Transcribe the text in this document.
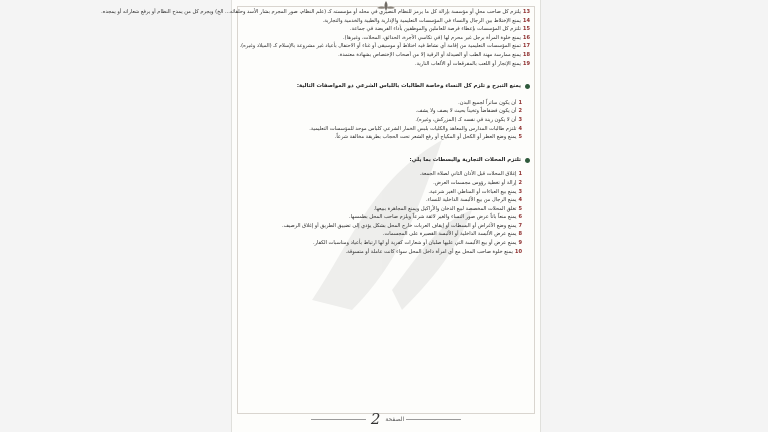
13
يلتزم كل صاحب محلٍ أو مؤسسة بإزالة كل ما يرمز للنظام النصيري في محله أو مؤسسته كـ (علم النظام، صور المجرم بشار الأسد وحلفائه... الخ) ويجرم كل من يمدح النظام أو يرفع شعاراته أو يمجده.
14
يمنع الإختلاط بين الرجال والنساء في المؤسسات التعليمية والإدارية والطبية والخدمية والتجارية.
15
تلتزم كل المؤسسات بإعطاء فرصة للعاملين والموظفين بأداء الفريضة في جماعة.
16
يمنع خلوة المرأة برجل غير محرم لها (في تكاسي الأجرة، الحدائق، المحلات، وغيرها).
17
تمنع المؤسسات التعليمية من إقامة أي نشاط فيه اختلاط أو موسيقى أو غناء أو الاحتفال بأعياد غير مشروعة بالإسلام كـ (الميلاد وغيره).
18
يمنع ممارسة مهنة الطب أو الصيدلة أو الرقية إلا من أصحاب الإختصاص بشهادة معتمدة.
19
يمنع الإتجار أو اللعب بالمفرقعات أو الألعاب النارية.
يمنع التبرج و تلزم كل النساء وخاصة الطالبات باللباس الشرعي ذو المواصفات التالية:
1
أن يكون ساتراً لجميع البدن.
2
أن يكون فضفاضاً وثخيناً بحيث لا يصف ولا يشف.
3
أن لا يكون زينة في نفسه كـ (المزركش، وغيره).
4
تلتزم طالبات المدارس والمعاهد والكليات بلبس الخمار الشرعي كلباس موحد للمؤسسات التعليمية.
5
يمنع وضع العطر أو الكحل أو المكياج أو رفع الشعر تحت الحجاب بطريقة مخالفة شرعاً.
تلتزم المحلات التجارية والبسطات بما يلي:
1
إغلاق المحلات قبل الأذان الثاني لصلاة الجمعة.
2
إزالة أو تغطية رؤوس مجسمات العرض.
3
يمنع بيع العباءات أو المناطي الغير شرعية.
4
يمنع الرجال من بيع الألبسة الداخلية للنساء.
5
تغلق المحلات المخصصة لبيع الدخان والأراكيل ويمنع المجاهرة ببيعها.
6
يمنع منعاً باتاً عرض صور النساء والغير لائقة شرعاً ويلزم صاحب المحل بطمسها.
7
يمنع وضع الأغراض أو البسطات أو إيقاف العربات خارج المحل بشكل يؤدي إلى تضييق الطريق أو إغلاق الرصيف.
8
يمنع عرض الألبسة الداخلية أو الألبسة القصيرة على المجسمات.
9
يمنع عرض أو بيع الألبسة التي عليها صلبان أو شعارات كفرية أو لها ارتباط بأعياد ومناسبات الكفار.
10
يمنع خلوة صاحب المحل مع أي امرأة داخل المحل سواء كانت عاملة أو متسوقة.
الصفحة 2
